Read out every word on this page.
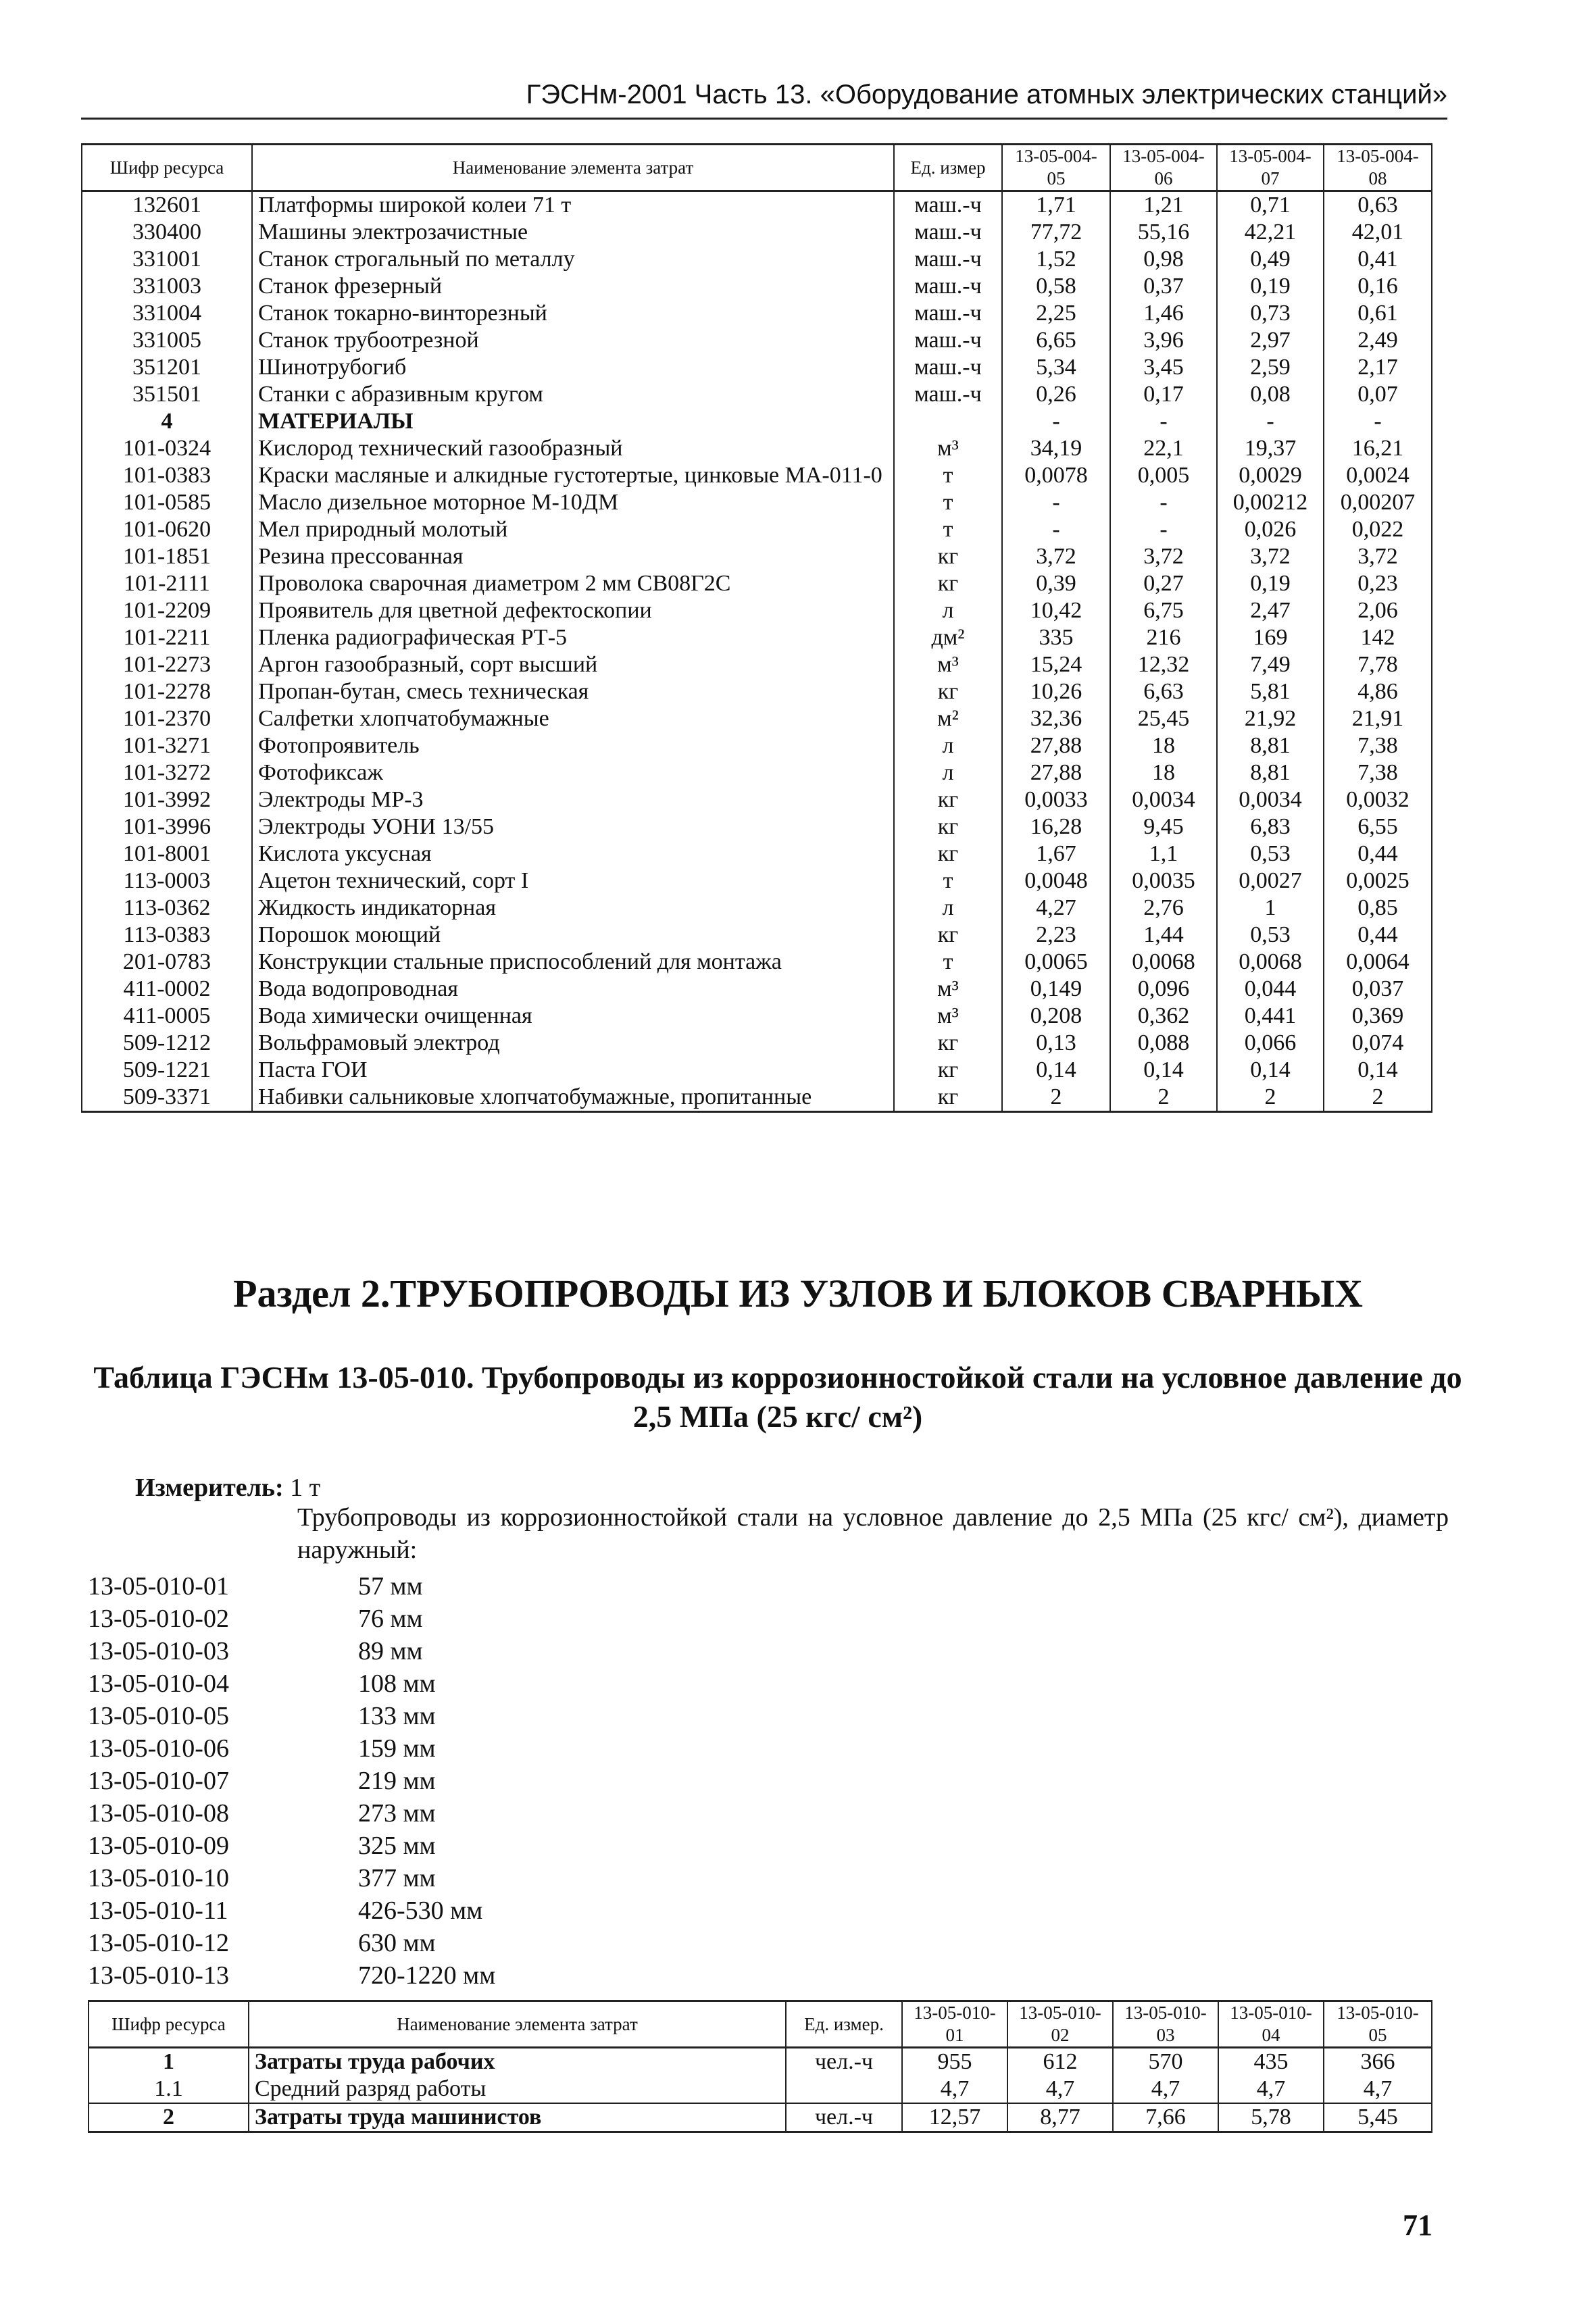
ГЭСНм-2001 Часть 13. «Оборудование атомных электрических станций»
Шифр ресурса	Наименование элемента затрат	Ед. измер	13-05-004-05	13-05-004-06	13-05-004-07	13-05-004-08
132601	Платформы широкой колеи 71 т	маш.-ч	1,71	1,21	0,71	0,63
330400	Машины электрозачистные	маш.-ч	77,72	55,16	42,21	42,01
331001	Станок строгальный по металлу	маш.-ч	1,52	0,98	0,49	0,41
331003	Станок фрезерный	маш.-ч	0,58	0,37	0,19	0,16
331004	Станок токарно-винторезный	маш.-ч	2,25	1,46	0,73	0,61
331005	Станок трубоотрезной	маш.-ч	6,65	3,96	2,97	2,49
351201	Шинотрубогиб	маш.-ч	5,34	3,45	2,59	2,17
351501	Станки с абразивным кругом	маш.-ч	0,26	0,17	0,08	0,07
4	МАТЕРИАЛЫ		-	-	-	-
101-0324	Кислород технический газообразный	м³	34,19	22,1	19,37	16,21
101-0383	Краски масляные и алкидные густотертые, цинковые МА-011-0	т	0,0078	0,005	0,0029	0,0024
101-0585	Масло дизельное моторное М-10ДМ	т	-	-	0,00212	0,00207
101-0620	Мел природный молотый	т	-	-	0,026	0,022
101-1851	Резина прессованная	кг	3,72	3,72	3,72	3,72
101-2111	Проволока сварочная диаметром 2 мм СВ08Г2С	кг	0,39	0,27	0,19	0,23
101-2209	Проявитель для цветной дефектоскопии	л	10,42	6,75	2,47	2,06
101-2211	Пленка радиографическая РТ-5	дм²	335	216	169	142
101-2273	Аргон газообразный, сорт высший	м³	15,24	12,32	7,49	7,78
101-2278	Пропан-бутан, смесь техническая	кг	10,26	6,63	5,81	4,86
101-2370	Салфетки хлопчатобумажные	м²	32,36	25,45	21,92	21,91
101-3271	Фотопроявитель	л	27,88	18	8,81	7,38
101-3272	Фотофиксаж	л	27,88	18	8,81	7,38
101-3992	Электроды МР-3	кг	0,0033	0,0034	0,0034	0,0032
101-3996	Электроды УОНИ 13/55	кг	16,28	9,45	6,83	6,55
101-8001	Кислота уксусная	кг	1,67	1,1	0,53	0,44
113-0003	Ацетон технический, сорт I	т	0,0048	0,0035	0,0027	0,0025
113-0362	Жидкость индикаторная	л	4,27	2,76	1	0,85
113-0383	Порошок моющий	кг	2,23	1,44	0,53	0,44
201-0783	Конструкции стальные приспособлений для монтажа	т	0,0065	0,0068	0,0068	0,0064
411-0002	Вода водопроводная	м³	0,149	0,096	0,044	0,037
411-0005	Вода химически очищенная	м³	0,208	0,362	0,441	0,369
509-1212	Вольфрамовый электрод	кг	0,13	0,088	0,066	0,074
509-1221	Паста ГОИ	кг	0,14	0,14	0,14	0,14
509-3371	Набивки сальниковые хлопчатобумажные, пропитанные	кг	2	2	2	2
Раздел 2.ТРУБОПРОВОДЫ ИЗ УЗЛОВ И БЛОКОВ СВАРНЫХ
Таблица ГЭСНм 13-05-010. Трубопроводы из коррозионностойкой стали на условное давление до 2,5 МПа (25 кгс/ см²)
Измеритель: 1 т
Трубопроводы из коррозионностойкой стали на условное давление до 2,5 МПа (25 кгс/ см²), диаметр наружный:
13-05-010-01	57 мм
13-05-010-02	76 мм
13-05-010-03	89 мм
13-05-010-04	108 мм
13-05-010-05	133 мм
13-05-010-06	159 мм
13-05-010-07	219 мм
13-05-010-08	273 мм
13-05-010-09	325 мм
13-05-010-10	377 мм
13-05-010-11	426-530 мм
13-05-010-12	630 мм
13-05-010-13	720-1220 мм
Шифр ресурса	Наименование элемента затрат	Ед. измер.	13-05-010-01	13-05-010-02	13-05-010-03	13-05-010-04	13-05-010-05
1	Затраты труда рабочих	чел.-ч	955	612	570	435	366
1.1	Средний разряд работы		4,7	4,7	4,7	4,7	4,7
2	Затраты труда машинистов	чел.-ч	12,57	8,77	7,66	5,78	5,45
71
